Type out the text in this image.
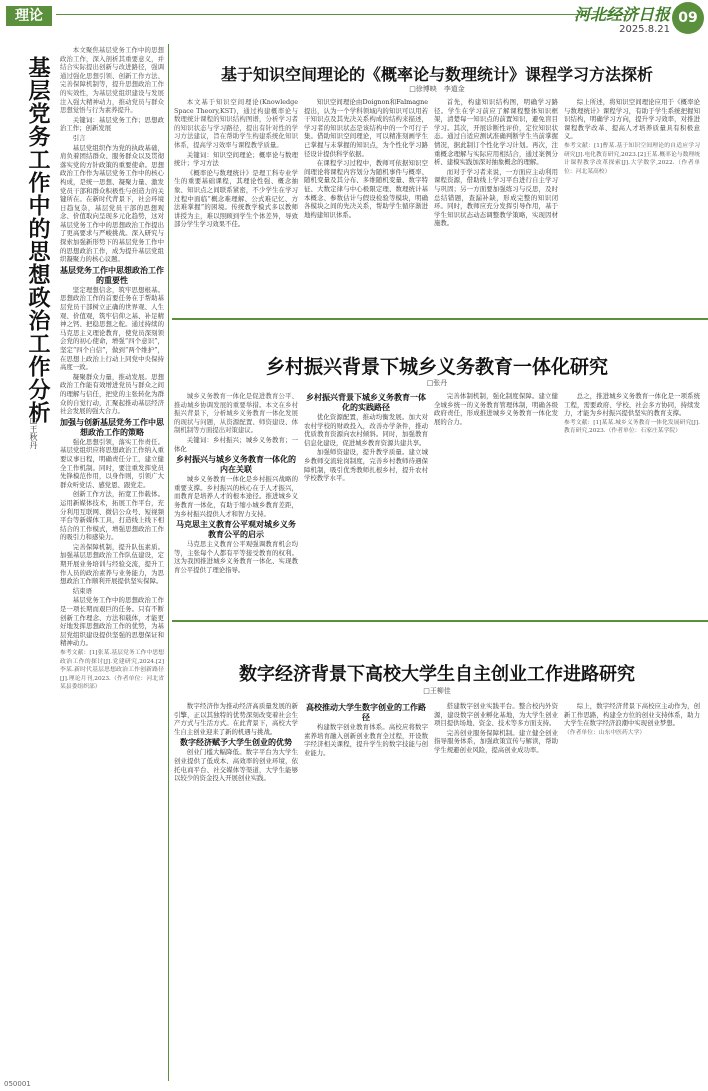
理论	河北经济日报
2025.8.21
09
基层党务工作中的思想政治工作分析
□王秋丹

本文聚焦基层党务工作中的思想政治工作，深入剖析其重要意义，并结合实际提出创新与改进路径，强调通过强化思想引领、创新工作方法、完善保障机制等，提升思想政治工作的实效性，为基层党组织建设与发展注入强大精神动力，推动党员与群众思想觉悟与行为素养提升。

关键词：基层党务工作；思想政治工作；创新发展

引言

基层党组织作为党的执政基础，肩负着团结群众、服务群众以及贯彻落实党的方针政策的重要使命。思想政治工作作为基层党务工作中的核心构成，是统一思想、凝聚力量、激发党员干部和群众积极性与创造力的关键所在。在新时代背景下，社会环境日趋复杂，基层党员干部的思想观念、价值取向呈现多元化趋势，这对基层党务工作中的思想政治工作提出了更高要求与严峻挑战。深入研究与探索加强新形势下的基层党务工作中的思想政治工作，成为提升基层党组织凝聚力的核心议题。

基层党务工作中思想政治工作的重要性

坚定理想信念，筑牢思想根基。思想政治工作的首要任务在于帮助基层党员干部树立正确的世界观、人生观、价值观，筑牢信仰之基、补足精神之钙、把稳思想之舵。通过持续的马克思主义理论教育，使党员深刻领会党的初心使命，增强“四个意识”，坚定“四个自信”，做到“两个维护”，在思想上政治上行动上同党中央保持高度一致。

凝聚群众力量，推动发展。思想政治工作能有效增进党员与群众之间的理解与信任，把党的主张转化为群众的自觉行动，汇聚起推动基层经济社会发展的强大合力。

加强与创新基层党务工作中思想政治工作的策略

强化思想引领，落实工作责任。基层党组织应将思想政治工作纳入重要议事日程，明确责任分工，建立健全工作机制。同时，要注重发挥党员先锋模范作用，以身作则，引领广大群众听党话、感党恩、跟党走。

创新工作方法，拓宽工作载体。运用新媒体技术，拓展工作平台，充分利用互联网、微信公众号、短视频平台等新媒体工具，打造线上线下相结合的工作模式，增强思想政治工作的吸引力和感染力。

完善保障机制，提升队伍素质。加强基层思想政治工作队伍建设，定期开展业务培训与经验交流，提升工作人员的政治素养与业务能力，为思想政治工作顺利开展提供坚实保障。

结束语

基层党务工作中的思想政治工作是一项长期而艰巨的任务。只有不断创新工作理念、方法和载体，才能更好地发挥思想政治工作的优势，为基层党组织建设提供坚强的思想保证和精神动力。

参考文献：[1]张某.基层党务工作中思想政治工作的探讨[J].党建研究,2024.[2]李某.新时代基层思想政治工作创新路径[J].理论月刊,2023.（作者单位：河北省某县委组织部）

基于知识空间理论的《概率论与数理统计》课程学习方法探析
□徐博映　李道金

本文基于知识空间理论(Knowledge Space Theory,KST)，通过构建概率论与数理统计课程的知识结构图谱，分析学习者的知识状态与学习路径，提出有针对性的学习方法建议，旨在帮助学生构建系统化知识体系，提高学习效率与课程教学质量。

关键词：知识空间理论；概率论与数理统计；学习方法

《概率论与数理统计》是理工科专业学生的重要基础课程，其理论性强、概念抽象、知识点之间联系紧密，不少学生在学习过程中面临“概念难理解、公式难记忆、方法难掌握”的困境。传统教学模式多以教师讲授为主，难以照顾到学生个体差异，导致部分学生学习效果不佳。

知识空间理论由Doignon和Falmagne提出，认为一个学科领域内的知识可以用若干知识点及其先决关系构成的结构来描述，学习者的知识状态是该结构中的一个可行子集。借助知识空间理论，可以精准刻画学生已掌握与未掌握的知识点，为个性化学习路径设计提供科学依据。

在课程学习过程中，教师可依据知识空间理论将课程内容划分为随机事件与概率、随机变量及其分布、多维随机变量、数字特征、大数定律与中心极限定理、数理统计基本概念、参数估计与假设检验等模块，明确各模块之间的先决关系，帮助学生循序渐进地构建知识体系。

首先，构建知识结构图，明确学习路径。学生在学习前应了解课程整体知识框架，清楚每一知识点的前置知识，避免盲目学习。其次，开展诊断性评价，定位知识状态。通过自适应测试准确判断学生当前掌握情况，据此制订个性化学习计划。再次，注重概念理解与实际应用相结合，通过案例分析、建模实践加深对抽象概念的理解。

而对于学习者来说，一方面应主动利用课程资源，借助线上学习平台进行自主学习与巩固；另一方面要加强练习与反思，及时总结错题，查漏补缺，形成完整的知识闭环。同时，教师应充分发挥引导作用，基于学生知识状态动态调整教学策略，实现因材施教。

综上所述，将知识空间理论应用于《概率论与数理统计》课程学习，有助于学生系统把握知识结构，明确学习方向，提升学习效率，对推进课程教学改革、提高人才培养质量具有积极意义。

参考文献：[1]曹某.基于知识空间理论的自适应学习研究[J].电化教育研究,2023.[2]王某.概率论与数理统计课程教学改革探索[J].大学数学,2022.（作者单位：河北某高校）

乡村振兴背景下城乡义务教育一体化研究
□张丹

城乡义务教育一体化是促进教育公平、推动城乡协调发展的重要举措。本文在乡村振兴背景下，分析城乡义务教育一体化发展的现状与问题，从资源配置、师资建设、体制机制等方面提出对策建议。

关键词：乡村振兴；城乡义务教育；一体化

乡村振兴与城乡义务教育一体化的内在关联

城乡义务教育一体化是乡村振兴战略的重要支撑。乡村振兴的核心在于人才振兴，而教育是培养人才的根本途径。推进城乡义务教育一体化，有助于缩小城乡教育差距，为乡村振兴提供人才和智力支持。

马克思主义教育公平观对城乡义务教育公平的启示

马克思主义教育公平观强调教育机会均等，主张每个人都有平等接受教育的权利。这为我国推进城乡义务教育一体化、实现教育公平提供了理论指导。

乡村振兴背景下城乡义务教育一体化的实践路径

优化资源配置，推动均衡发展。加大对农村学校的财政投入，改善办学条件，推动优质教育资源向农村倾斜。同时，加强教育信息化建设，促进城乡教育资源共建共享。

加强师资建设，提升教学质量。建立城乡教师交流轮岗制度，完善乡村教师待遇保障机制，吸引优秀教师扎根乡村，提升农村学校教学水平。

完善体制机制，强化制度保障。建立健全城乡统一的义务教育管理体制，明确各级政府责任，形成推进城乡义务教育一体化发展的合力。

总之，推进城乡义务教育一体化是一项系统工程，需要政府、学校、社会多方协同，持续发力，才能为乡村振兴提供坚实的教育支撑。

参考文献：[1]某某.城乡义务教育一体化发展研究[J].教育研究,2023.（作者单位：石家庄某学院）

数字经济背景下高校大学生自主创业工作进路研究
□王柳佳

数字经济作为推动经济高质量发展的新引擎，正以其独特的优势深刻改变着社会生产方式与生活方式。在此背景下，高校大学生自主创业迎来了新的机遇与挑战。

数字经济赋予大学生创业的优势

创业门槛大幅降低。数字平台为大学生创业提供了低成本、高效率的创业环境，依托电商平台、社交媒体等渠道，大学生能够以较少的资金投入开展创业实践。

高校推动大学生数字创业的工作路径

构建数字创业教育体系。高校应将数字素养培育融入创新创业教育全过程，开设数字经济相关课程，提升学生的数字技能与创业能力。

搭建数字创业实践平台。整合校内外资源，建设数字创业孵化基地，为大学生创业项目提供场地、资金、技术等多方面支持。

完善创业服务保障机制。建立健全创业指导服务体系，加强政策宣传与解读，帮助学生规避创业风险，提高创业成功率。

综上，数字经济背景下高校应主动作为，创新工作思路，构建全方位的创业支持体系，助力大学生在数字经济浪潮中实现创业梦想。

（作者单位：山东中医药大学）

050001
